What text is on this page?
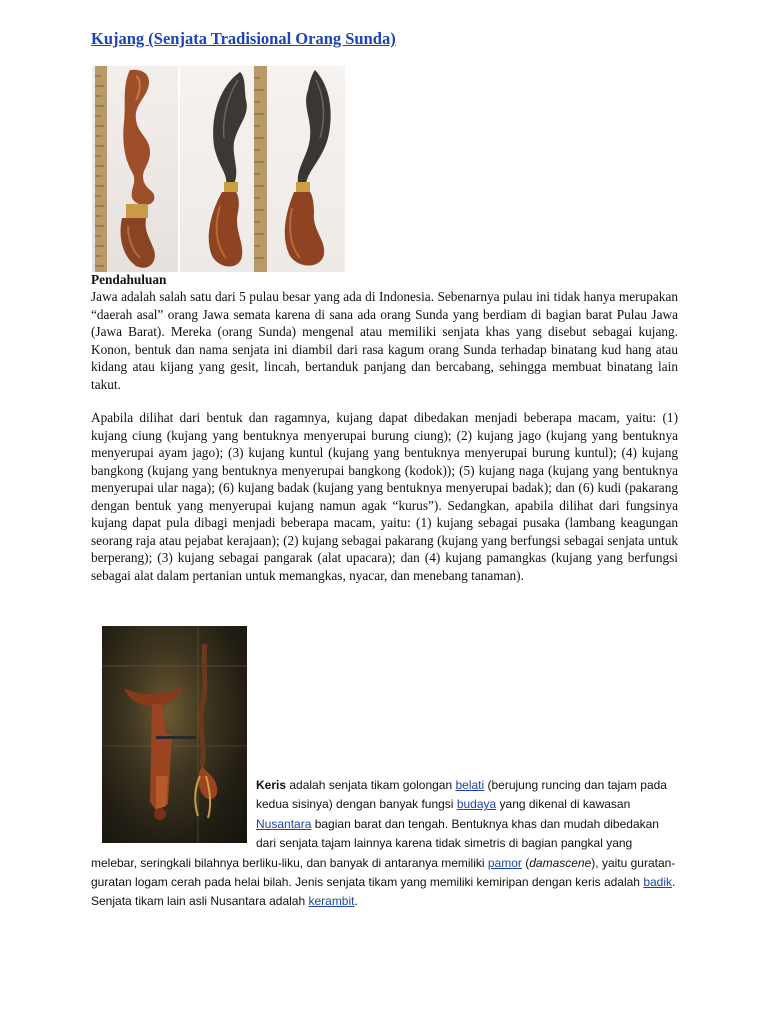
Kujang (Senjata Tradisional Orang Sunda)
Pendahuluan
Jawa adalah salah satu dari 5 pulau besar yang ada di Indonesia. Sebenarnya pulau ini tidak hanya merupakan “daerah asal” orang Jawa semata karena di sana ada orang Sunda yang berdiam di bagian barat Pulau Jawa (Jawa Barat). Mereka (orang Sunda) mengenal atau memiliki senjata khas yang disebut sebagai kujang. Konon, bentuk dan nama senjata ini diambil dari rasa kagum orang Sunda terhadap binatang kud hang atau kidang atau kijang yang gesit, lincah, bertanduk panjang dan bercabang, sehingga membuat binatang lain takut.
Apabila dilihat dari bentuk dan ragamnya, kujang dapat dibedakan menjadi beberapa macam, yaitu: (1) kujang ciung (kujang yang bentuknya menyerupai burung ciung); (2) kujang jago (kujang yang bentuknya menyerupai ayam jago); (3) kujang kuntul (kujang yang bentuknya menyerupai burung kuntul); (4) kujang bangkong (kujang yang bentuknya menyerupai bangkong (kodok)); (5) kujang naga (kujang yang bentuknya menyerupai ular naga); (6) kujang badak (kujang yang bentuknya menyerupai badak); dan (6) kudi (pakarang dengan bentuk yang menyerupai kujang namun agak “kurus”). Sedangkan, apabila dilihat dari fungsinya kujang dapat pula dibagi menjadi beberapa macam, yaitu: (1) kujang sebagai pusaka (lambang keagungan seorang raja atau pejabat kerajaan); (2) kujang sebagai pakarang (kujang yang berfungsi sebagai senjata untuk berperang); (3) kujang sebagai pangarak (alat upacara); dan (4) kujang pamangkas (kujang yang berfungsi sebagai alat dalam pertanian untuk memangkas, nyacar, dan menebang tanaman).
Keris adalah senjata tikam golongan belati (berujung runcing dan tajam pada kedua sisinya) dengan banyak fungsi budaya yang dikenal di kawasan Nusantara bagian barat dan tengah. Bentuknya khas dan mudah dibedakan dari senjata tajam lainnya karena tidak simetris di bagian pangkal yang melebar, seringkali bilahnya berliku-liku, dan banyak di antaranya memiliki pamor (damascene), yaitu guratan-guratan logam cerah pada helai bilah. Jenis senjata tikam yang memiliki kemiripan dengan keris adalah badik. Senjata tikam lain asli Nusantara adalah kerambit.
